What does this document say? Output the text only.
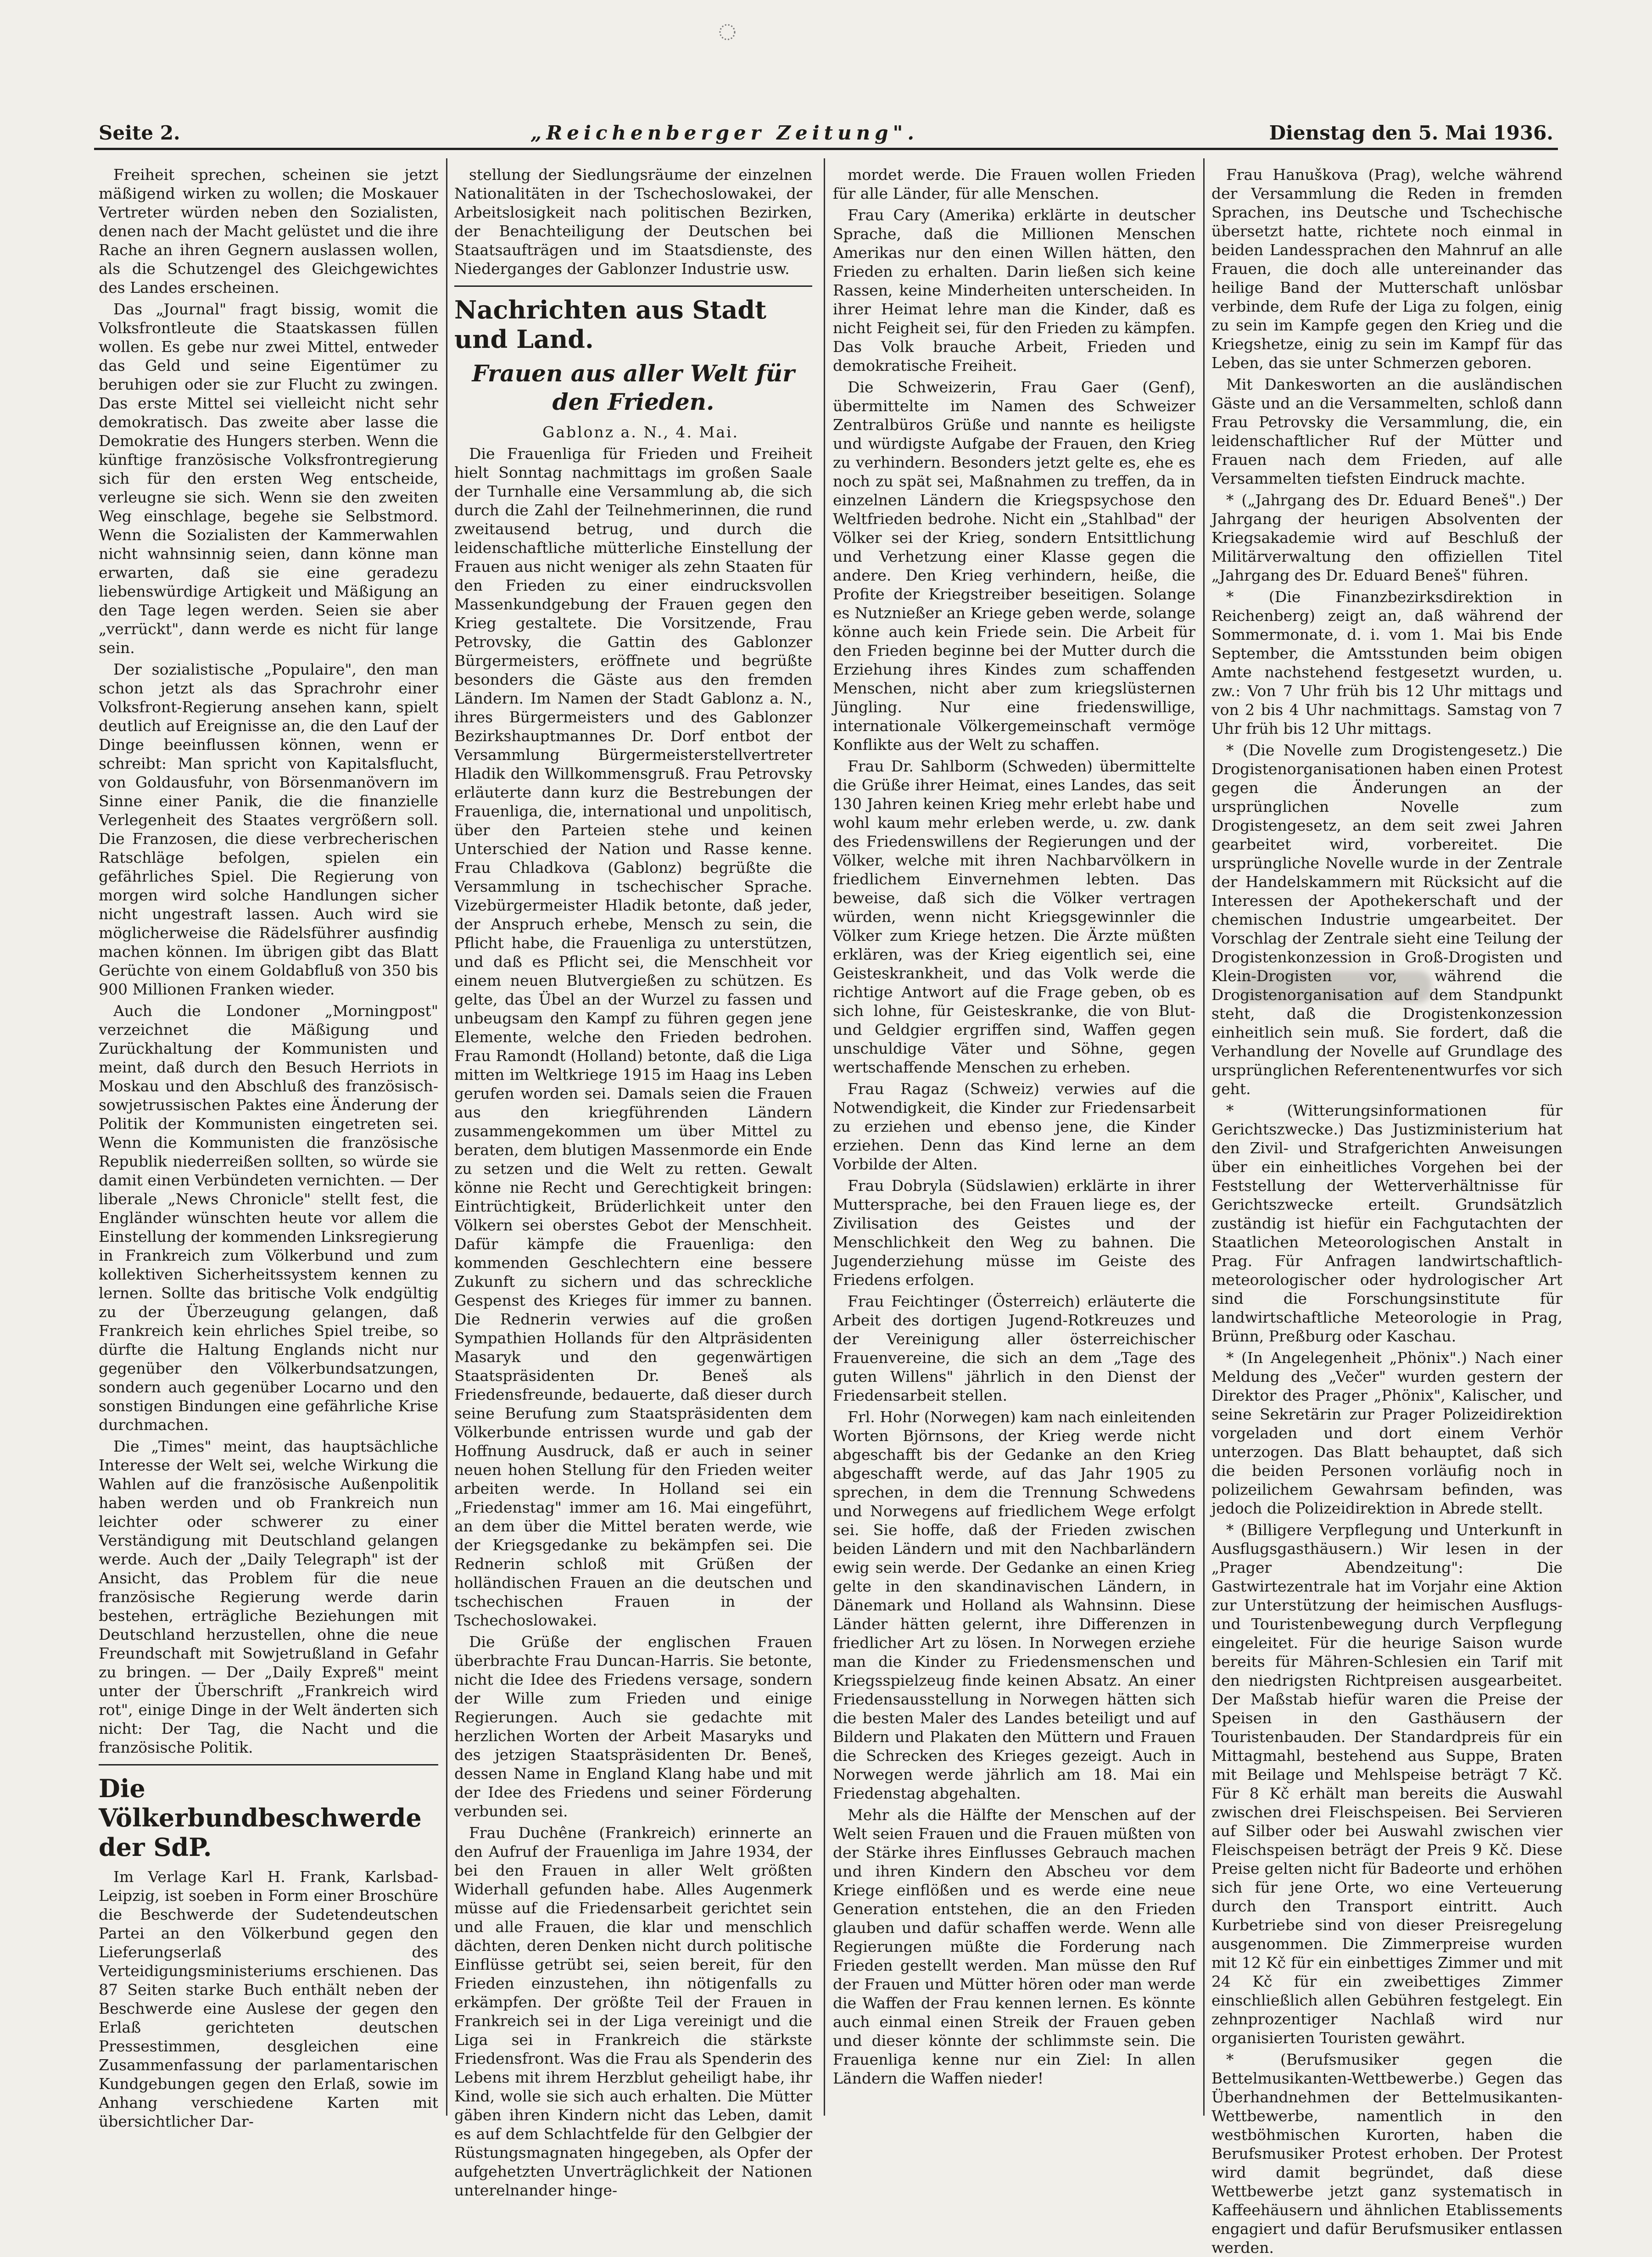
Seite 2.	„Reichenberger Zeitung".	Dienstag den 5. Mai 1936.

Freiheit sprechen, scheinen sie jetzt mäßigend wirken zu wollen; die Moskauer Vertreter würden neben den Sozialisten, denen nach der Macht gelüstet und die ihre Rache an ihren Gegnern auslassen wollen, als die Schutzengel des Gleichgewichtes des Landes erscheinen.

Das „Journal" fragt bissig, womit die Volksfrontleute die Staatskassen füllen wollen. Es gebe nur zwei Mittel, entweder das Geld und seine Eigentümer zu beruhigen oder sie zur Flucht zu zwingen. Das erste Mittel sei vielleicht nicht sehr demokratisch. Das zweite aber lasse die Demokratie des Hungers sterben. Wenn die künftige französische Volksfrontregierung sich für den ersten Weg entscheide, verleugne sie sich. Wenn sie den zweiten Weg einschlage, begehe sie Selbstmord. Wenn die Sozialisten der Kammerwahlen nicht wahnsinnig seien, dann könne man erwarten, daß sie eine geradezu liebenswürdige Artigkeit und Mäßigung an den Tage legen werden. Seien sie aber „verrückt", dann werde es nicht für lange sein.

Der sozialistische „Populaire", den man schon jetzt als das Sprachrohr einer Volksfront-Regierung ansehen kann, spielt deutlich auf Ereignisse an, die den Lauf der Dinge beeinflussen können, wenn er schreibt: Man spricht von Kapitalsflucht, von Goldausfuhr, von Börsenmanövern im Sinne einer Panik, die die finanzielle Verlegenheit des Staates vergrößern soll. Die Franzosen, die diese verbrecherischen Ratschläge befolgen, spielen ein gefährliches Spiel. Die Regierung von morgen wird solche Handlungen sicher nicht ungestraft lassen. Auch wird sie möglicherweise die Rädelsführer ausfindig machen können. Im übrigen gibt das Blatt Gerüchte von einem Goldabfluß von 350 bis 900 Millionen Franken wieder.

Auch die Londoner „Morningpost" verzeichnet die Mäßigung und Zurückhaltung der Kommunisten und meint, daß durch den Besuch Herriots in Moskau und den Abschluß des französisch-sowjetrussischen Paktes eine Änderung der Politik der Kommunisten eingetreten sei. Wenn die Kommunisten die französische Republik niederreißen sollten, so würde sie damit einen Verbündeten vernichten. — Der liberale „News Chronicle" stellt fest, die Engländer wünschten heute vor allem die Einstellung der kommenden Linksregierung in Frankreich zum Völkerbund und zum kollektiven Sicherheitssystem kennen zu lernen. Sollte das britische Volk endgültig zu der Überzeugung gelangen, daß Frankreich kein ehrliches Spiel treibe, so dürfte die Haltung Englands nicht nur gegenüber den Völkerbundsatzungen, sondern auch gegenüber Locarno und den sonstigen Bindungen eine gefährliche Krise durchmachen.

Die „Times" meint, das hauptsächliche Interesse der Welt sei, welche Wirkung die Wahlen auf die französische Außenpolitik haben werden und ob Frankreich nun leichter oder schwerer zu einer Verständigung mit Deutschland gelangen werde. Auch der „Daily Telegraph" ist der Ansicht, das Problem für die neue französische Regierung werde darin bestehen, erträgliche Beziehungen mit Deutschland herzustellen, ohne die neue Freundschaft mit Sowjetrußland in Gefahr zu bringen. — Der „Daily Expreß" meint unter der Überschrift „Frankreich wird rot", einige Dinge in der Welt änderten sich nicht: Der Tag, die Nacht und die französische Politik.

Die Völkerbundbeschwerde der SdP.

Im Verlage Karl H. Frank, Karlsbad-Leipzig, ist soeben in Form einer Broschüre die Beschwerde der Sudetendeutschen Partei an den Völkerbund gegen den Lieferungserlaß des Verteidigungsministeriums erschienen. Das 87 Seiten starke Buch enthält neben der Beschwerde eine Auslese der gegen den Erlaß gerichteten deutschen Pressestimmen, desgleichen eine Zusammenfassung der parlamentarischen Kundgebungen gegen den Erlaß, sowie im Anhang verschiedene Karten mit übersichtlicher Dar-

stellung der Siedlungsräume der einzelnen Nationalitäten in der Tschechoslowakei, der Arbeitslosigkeit nach politischen Bezirken, der Benachteiligung der Deutschen bei Staatsaufträgen und im Staatsdienste, des Niederganges der Gablonzer Industrie usw.

Nachrichten aus Stadt und Land.
Frauen aus aller Welt für den Frieden.

Gablonz a. N., 4. Mai.

Die Frauenliga für Frieden und Freiheit hielt Sonntag nachmittags im großen Saale der Turnhalle eine Versammlung ab, die sich durch die Zahl der Teilnehmerinnen, die rund zweitausend betrug, und durch die leidenschaftliche mütterliche Einstellung der Frauen aus nicht weniger als zehn Staaten für den Frieden zu einer eindrucksvollen Massenkundgebung der Frauen gegen den Krieg gestaltete. Die Vorsitzende, Frau Petrovsky, die Gattin des Gablonzer Bürgermeisters, eröffnete und begrüßte besonders die Gäste aus den fremden Ländern. Im Namen der Stadt Gablonz a. N., ihres Bürgermeisters und des Gablonzer Bezirkshauptmannes Dr. Dorf entbot der Versammlung Bürgermeisterstellvertreter Hladik den Willkommensgruß. Frau Petrovsky erläuterte dann kurz die Bestrebungen der Frauenliga, die, international und unpolitisch, über den Parteien stehe und keinen Unterschied der Nation und Rasse kenne. Frau Chladkova (Gablonz) begrüßte die Versammlung in tschechischer Sprache. Vizebürgermeister Hladik betonte, daß jeder, der Anspruch erhebe, Mensch zu sein, die Pflicht habe, die Frauenliga zu unterstützen, und daß es Pflicht sei, die Menschheit vor einem neuen Blutvergießen zu schützen. Es gelte, das Übel an der Wurzel zu fassen und unbeugsam den Kampf zu führen gegen jene Elemente, welche den Frieden bedrohen. Frau Ramondt (Holland) betonte, daß die Liga mitten im Weltkriege 1915 im Haag ins Leben gerufen worden sei. Damals seien die Frauen aus den kriegführenden Ländern zusammengekommen um über Mittel zu beraten, dem blutigen Massenmorde ein Ende zu setzen und die Welt zu retten. Gewalt könne nie Recht und Gerechtigkeit bringen: Eintrüchtigkeit, Brüderlichkeit unter den Völkern sei oberstes Gebot der Menschheit. Dafür kämpfe die Frauenliga: den kommenden Geschlechtern eine bessere Zukunft zu sichern und das schreckliche Gespenst des Krieges für immer zu bannen. Die Rednerin verwies auf die großen Sympathien Hollands für den Altpräsidenten Masaryk und den gegenwärtigen Staatspräsidenten Dr. Beneš als Friedensfreunde, bedauerte, daß dieser durch seine Berufung zum Staatspräsidenten dem Völkerbunde entrissen wurde und gab der Hoffnung Ausdruck, daß er auch in seiner neuen hohen Stellung für den Frieden weiter arbeiten werde. In Holland sei ein „Friedenstag" immer am 16. Mai eingeführt, an dem über die Mittel beraten werde, wie der Kriegsgedanke zu bekämpfen sei. Die Rednerin schloß mit Grüßen der holländischen Frauen an die deutschen und tschechischen Frauen in der Tschechoslowakei.

Die Grüße der englischen Frauen überbrachte Frau Duncan-Harris. Sie betonte, nicht die Idee des Friedens versage, sondern der Wille zum Frieden und einige Regierungen. Auch sie gedachte mit herzlichen Worten der Arbeit Masaryks und des jetzigen Staatspräsidenten Dr. Beneš, dessen Name in England Klang habe und mit der Idee des Friedens und seiner Förderung verbunden sei.

Frau Duchêne (Frankreich) erinnerte an den Aufruf der Frauenliga im Jahre 1934, der bei den Frauen in aller Welt größten Widerhall gefunden habe. Alles Augenmerk müsse auf die Friedensarbeit gerichtet sein und alle Frauen, die klar und menschlich dächten, deren Denken nicht durch politische Einflüsse getrübt sei, seien bereit, für den Frieden einzustehen, ihn nötigenfalls zu erkämpfen. Der größte Teil der Frauen in Frankreich sei in der Liga vereinigt und die Liga sei in Frankreich die stärkste Friedensfront. Was die Frau als Spenderin des Lebens mit ihrem Herzblut geheiligt habe, ihr Kind, wolle sie sich auch erhalten. Die Mütter gäben ihren Kindern nicht das Leben, damit es auf dem Schlachtfelde für den Gelbgier der Rüstungsmagnaten hingegeben, als Opfer der aufgehetzten Unverträglichkeit der Nationen unterelnander hinge-

mordet werde. Die Frauen wollen Frieden für alle Länder, für alle Menschen.

Frau Cary (Amerika) erklärte in deutscher Sprache, daß die Millionen Menschen Amerikas nur den einen Willen hätten, den Frieden zu erhalten. Darin ließen sich keine Rassen, keine Minderheiten unterscheiden. In ihrer Heimat lehre man die Kinder, daß es nicht Feigheit sei, für den Frieden zu kämpfen. Das Volk brauche Arbeit, Frieden und demokratische Freiheit.

Die Schweizerin, Frau Gaer (Genf), übermittelte im Namen des Schweizer Zentralbüros Grüße und nannte es heiligste und würdigste Aufgabe der Frauen, den Krieg zu verhindern. Besonders jetzt gelte es, ehe es noch zu spät sei, Maßnahmen zu treffen, da in einzelnen Ländern die Kriegspsychose den Weltfrieden bedrohe. Nicht ein „Stahlbad" der Völker sei der Krieg, sondern Entsittlichung und Verhetzung einer Klasse gegen die andere. Den Krieg verhindern, heiße, die Profite der Kriegstreiber beseitigen. Solange es Nutznießer an Kriege geben werde, solange könne auch kein Friede sein. Die Arbeit für den Frieden beginne bei der Mutter durch die Erziehung ihres Kindes zum schaffenden Menschen, nicht aber zum kriegslüsternen Jüngling. Nur eine friedenswillige, internationale Völkergemeinschaft vermöge Konflikte aus der Welt zu schaffen.

Frau Dr. Sahlborm (Schweden) übermittelte die Grüße ihrer Heimat, eines Landes, das seit 130 Jahren keinen Krieg mehr erlebt habe und wohl kaum mehr erleben werde, u. zw. dank des Friedenswillens der Regierungen und der Völker, welche mit ihren Nachbarvölkern in friedlichem Einvernehmen lebten. Das beweise, daß sich die Völker vertragen würden, wenn nicht Kriegsgewinnler die Völker zum Kriege hetzen. Die Ärzte müßten erklären, was der Krieg eigentlich sei, eine Geisteskrankheit, und das Volk werde die richtige Antwort auf die Frage geben, ob es sich lohne, für Geisteskranke, die von Blut- und Geldgier ergriffen sind, Waffen gegen unschuldige Väter und Söhne, gegen wertschaffende Menschen zu erheben.

Frau Ragaz (Schweiz) verwies auf die Notwendigkeit, die Kinder zur Friedensarbeit zu erziehen und ebenso jene, die Kinder erziehen. Denn das Kind lerne an dem Vorbilde der Alten.

Frau Dobryla (Südslawien) erklärte in ihrer Muttersprache, bei den Frauen liege es, der Zivilisation des Geistes und der Menschlichkeit den Weg zu bahnen. Die Jugenderziehung müsse im Geiste des Friedens erfolgen.

Frau Feichtinger (Österreich) erläuterte die Arbeit des dortigen Jugend-Rotkreuzes und der Vereinigung aller österreichischer Frauenvereine, die sich an dem „Tage des guten Willens" jährlich in den Dienst der Friedensarbeit stellen.

Frl. Hohr (Norwegen) kam nach einleitenden Worten Björnsons, der Krieg werde nicht abgeschafft bis der Gedanke an den Krieg abgeschafft werde, auf das Jahr 1905 zu sprechen, in dem die Trennung Schwedens und Norwegens auf friedlichem Wege erfolgt sei. Sie hoffe, daß der Frieden zwischen beiden Ländern und mit den Nachbarländern ewig sein werde. Der Gedanke an einen Krieg gelte in den skandinavischen Ländern, in Dänemark und Holland als Wahnsinn. Diese Länder hätten gelernt, ihre Differenzen in friedlicher Art zu lösen. In Norwegen erziehe man die Kinder zu Friedensmenschen und Kriegsspielzeug finde keinen Absatz. An einer Friedensausstellung in Norwegen hätten sich die besten Maler des Landes beteiligt und auf Bildern und Plakaten den Müttern und Frauen die Schrecken des Krieges gezeigt. Auch in Norwegen werde jährlich am 18. Mai ein Friedenstag abgehalten.

Mehr als die Hälfte der Menschen auf der Welt seien Frauen und die Frauen müßten von der Stärke ihres Einflusses Gebrauch machen und ihren Kindern den Abscheu vor dem Kriege einflößen und es werde eine neue Generation entstehen, die an den Frieden glauben und dafür schaffen werde. Wenn alle Regierungen müßte die Forderung nach Frieden gestellt werden. Man müsse den Ruf der Frauen und Mütter hören oder man werde die Waffen der Frau kennen lernen. Es könnte auch einmal einen Streik der Frauen geben und dieser könnte der schlimmste sein. Die Frauenliga kenne nur ein Ziel: In allen Ländern die Waffen nieder!

Frau Hanuškova (Prag), welche während der Versammlung die Reden in fremden Sprachen, ins Deutsche und Tschechische übersetzt hatte, richtete noch einmal in beiden Landessprachen den Mahnruf an alle Frauen, die doch alle untereinander das heilige Band der Mutterschaft unlösbar verbinde, dem Rufe der Liga zu folgen, einig zu sein im Kampfe gegen den Krieg und die Kriegshetze, einig zu sein im Kampf für das Leben, das sie unter Schmerzen geboren.

Mit Dankesworten an die ausländischen Gäste und an die Versammelten, schloß dann Frau Petrovsky die Versammlung, die, ein leidenschaftlicher Ruf der Mütter und Frauen nach dem Frieden, auf alle Versammelten tiefsten Eindruck machte.

* („Jahrgang des Dr. Eduard Beneš".) Der Jahrgang der heurigen Absolventen der Kriegsakademie wird auf Beschluß der Militärverwaltung den offiziellen Titel „Jahrgang des Dr. Eduard Beneš" führen.

* (Die Finanzbezirksdirektion in Reichenberg) zeigt an, daß während der Sommermonate, d. i. vom 1. Mai bis Ende September, die Amtsstunden beim obigen Amte nachstehend festgesetzt wurden, u. zw.: Von 7 Uhr früh bis 12 Uhr mittags und von 2 bis 4 Uhr nachmittags. Samstag von 7 Uhr früh bis 12 Uhr mittags.

* (Die Novelle zum Drogistengesetz.) Die Drogistenorganisationen haben einen Protest gegen die Änderungen an der ursprünglichen Novelle zum Drogistengesetz, an dem seit zwei Jahren gearbeitet wird, vorbereitet. Die ursprüngliche Novelle wurde in der Zentrale der Handelskammern mit Rücksicht auf die Interessen der Apothekerschaft und der chemischen Industrie umgearbeitet. Der Vorschlag der Zentrale sieht eine Teilung der Drogistenkonzession in Groß-Drogisten und Klein-Drogisten vor, während die Drogistenorganisation auf dem Standpunkt steht, daß die Drogistenkonzession einheitlich sein muß. Sie fordert, daß die Verhandlung der Novelle auf Grundlage des ursprünglichen Referentenentwurfes vor sich geht.

* (Witterungsinformationen für Gerichtszwecke.) Das Justizministerium hat den Zivil- und Strafgerichten Anweisungen über ein einheitliches Vorgehen bei der Feststellung der Wetterverhältnisse für Gerichtszwecke erteilt. Grundsätzlich zuständig ist hiefür ein Fachgutachten der Staatlichen Meteorologischen Anstalt in Prag. Für Anfragen landwirtschaftlich-meteorologischer oder hydrologischer Art sind die Forschungsinstitute für landwirtschaftliche Meteorologie in Prag, Brünn, Preßburg oder Kaschau.

* (In Angelegenheit „Phönix".) Nach einer Meldung des „Večer" wurden gestern der Direktor des Prager „Phönix", Kalischer, und seine Sekretärin zur Prager Polizeidirektion vorgeladen und dort einem Verhör unterzogen. Das Blatt behauptet, daß sich die beiden Personen vorläufig noch in polizeilichem Gewahrsam befinden, was jedoch die Polizeidirektion in Abrede stellt.

* (Billigere Verpflegung und Unterkunft in Ausflugsgasthäusern.) Wir lesen in der „Prager Abendzeitung": Die Gastwirtezentrale hat im Vorjahr eine Aktion zur Unterstützung der heimischen Ausflugs- und Touristenbewegung durch Verpflegung eingeleitet. Für die heurige Saison wurde bereits für Mähren-Schlesien ein Tarif mit den niedrigsten Richtpreisen ausgearbeitet. Der Maßstab hiefür waren die Preise der Speisen in den Gasthäusern der Touristenbauden. Der Standardpreis für ein Mittagmahl, bestehend aus Suppe, Braten mit Beilage und Mehlspeise beträgt 7 Kč. Für 8 Kč erhält man bereits die Auswahl zwischen drei Fleischspeisen. Bei Servieren auf Silber oder bei Auswahl zwischen vier Fleischspeisen beträgt der Preis 9 Kč. Diese Preise gelten nicht für Badeorte und erhöhen sich für jene Orte, wo eine Verteuerung durch den Transport eintritt. Auch Kurbetriebe sind von dieser Preisregelung ausgenommen. Die Zimmerpreise wurden mit 12 Kč für ein einbettiges Zimmer und mit 24 Kč für ein zweibettiges Zimmer einschließlich allen Gebühren festgelegt. Ein zehnprozentiger Nachlaß wird nur organisierten Touristen gewährt.

* (Berufsmusiker gegen die Bettelmusikanten-Wettbewerbe.) Gegen das Überhandnehmen der Bettelmusikanten-Wettbewerbe, namentlich in den westböhmischen Kurorten, haben die Berufsmusiker Protest erhoben. Der Protest wird damit begründet, daß diese Wettbewerbe jetzt ganz systematisch in Kaffeehäusern und ähnlichen Etablissements engagiert und dafür Berufsmusiker entlassen werden.
